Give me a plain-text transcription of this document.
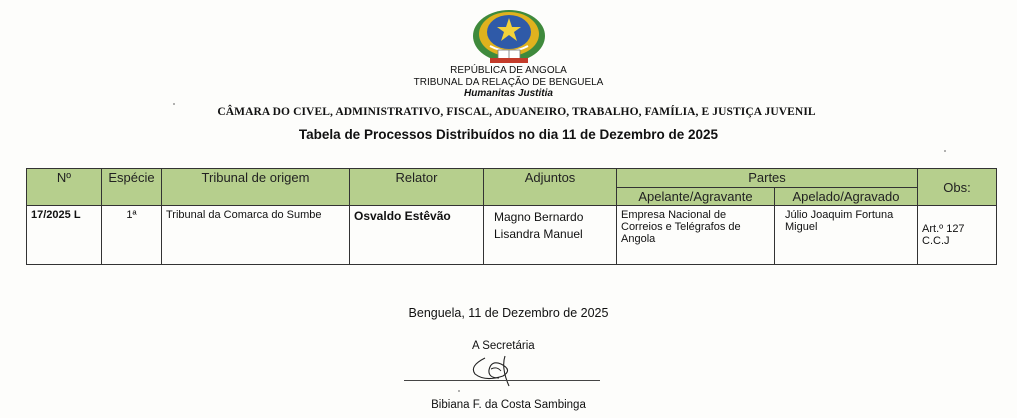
REPÚBLICA DE ANGOLA
TRIBUNAL DA RELAÇÃO DE BENGUELA
Humanitas Justitia
CÂMARA DO CIVEL, ADMINISTRATIVO, FISCAL, ADUANEIRO, TRABALHO, FAMÍLIA, E JUSTIÇA JUVENIL
Tabela de Processos Distribuídos no dia 11 de Dezembro de 2025
Nº	Espécie	Tribunal de origem	Relator	Adjuntos	Partes		Obs:
					Apelante/Agravante	Apelado/Agravado	
17/2025 L	1ª	Tribunal da Comarca do Sumbe	Osvaldo Estêvão	Magno Bernardo
Lisandra Manuel	Empresa Nacional de Correios e Telégrafos de Angola	Júlio Joaquim Fortuna Miguel	Art.º 127 C.C.J
Benguela, 11 de Dezembro de 2025
A Secretária
Bibiana F. da Costa Sambinga
